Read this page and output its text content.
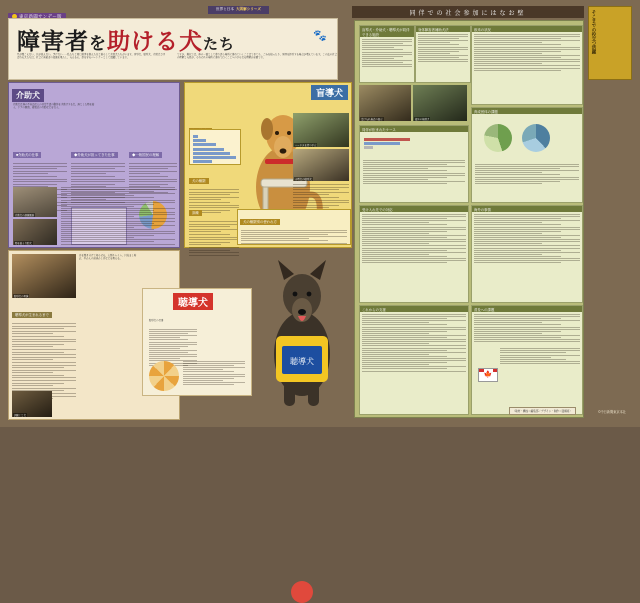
東京新聞サンデー版
世界と日本 大図解シリーズ
障害者を助ける犬たち	🐾
耳が聞こえない、目が見えない、歩けない……私たちと同じ障害を抱えた方と暮らして介助犬たちがいます。盲導犬、聴導犬、介助犬と呼ばれる犬たちは、社会に貢献者の役割を果たし、支える心、命を守るパートナーとして活躍しています。
ですが、現状では、体の一部として寄り添う場所に連れていくことはできても、ごみを拾ったり、同伴を拒否する場合が増えています。この法の社会の理解と支援が、それぞれの場所に連れて行くことへのさらなる理解が必要です。
同伴での社会参加にはなお壁	そこまでの役立つ活躍
介助犬
介助犬は体の不自由な人の日常生活の動作を手助けする犬。落とした物を拾う、ドアの開閉、着脱衣の介助などを行う。
■介助犬の仕事	◆介助犬が担ってきた仕事	◆一般国民の理解
介助犬の訓練風景
物を拾う介助犬
盲導犬
犬の種類
訓練
ハーネスを持つ手元
小型犬の聴導犬
犬の種類別の使われ方
聴導犬の実演
音を聞き分けて知らせる。玄関チャイム、目覚まし時計、やかんの湯沸かし音などを教える。
聴導犬が生まれるまで
訓練士と犬
聴導犬
聴導犬の仕事
聴導犬
盲導犬・介助犬・聴導犬が同伴できる施設
身体障害者補助犬法	欧米の状況
受け入れ施設の表示	海外の補助犬
同伴が拒まれたケース
育成団体の課題
受け入れ先での対応	海外の事情
これからの支援	普及への課題
🍁
（取材・構成＝編集部／デザイン・制作＝図解班）	©中日新聞東京本社
